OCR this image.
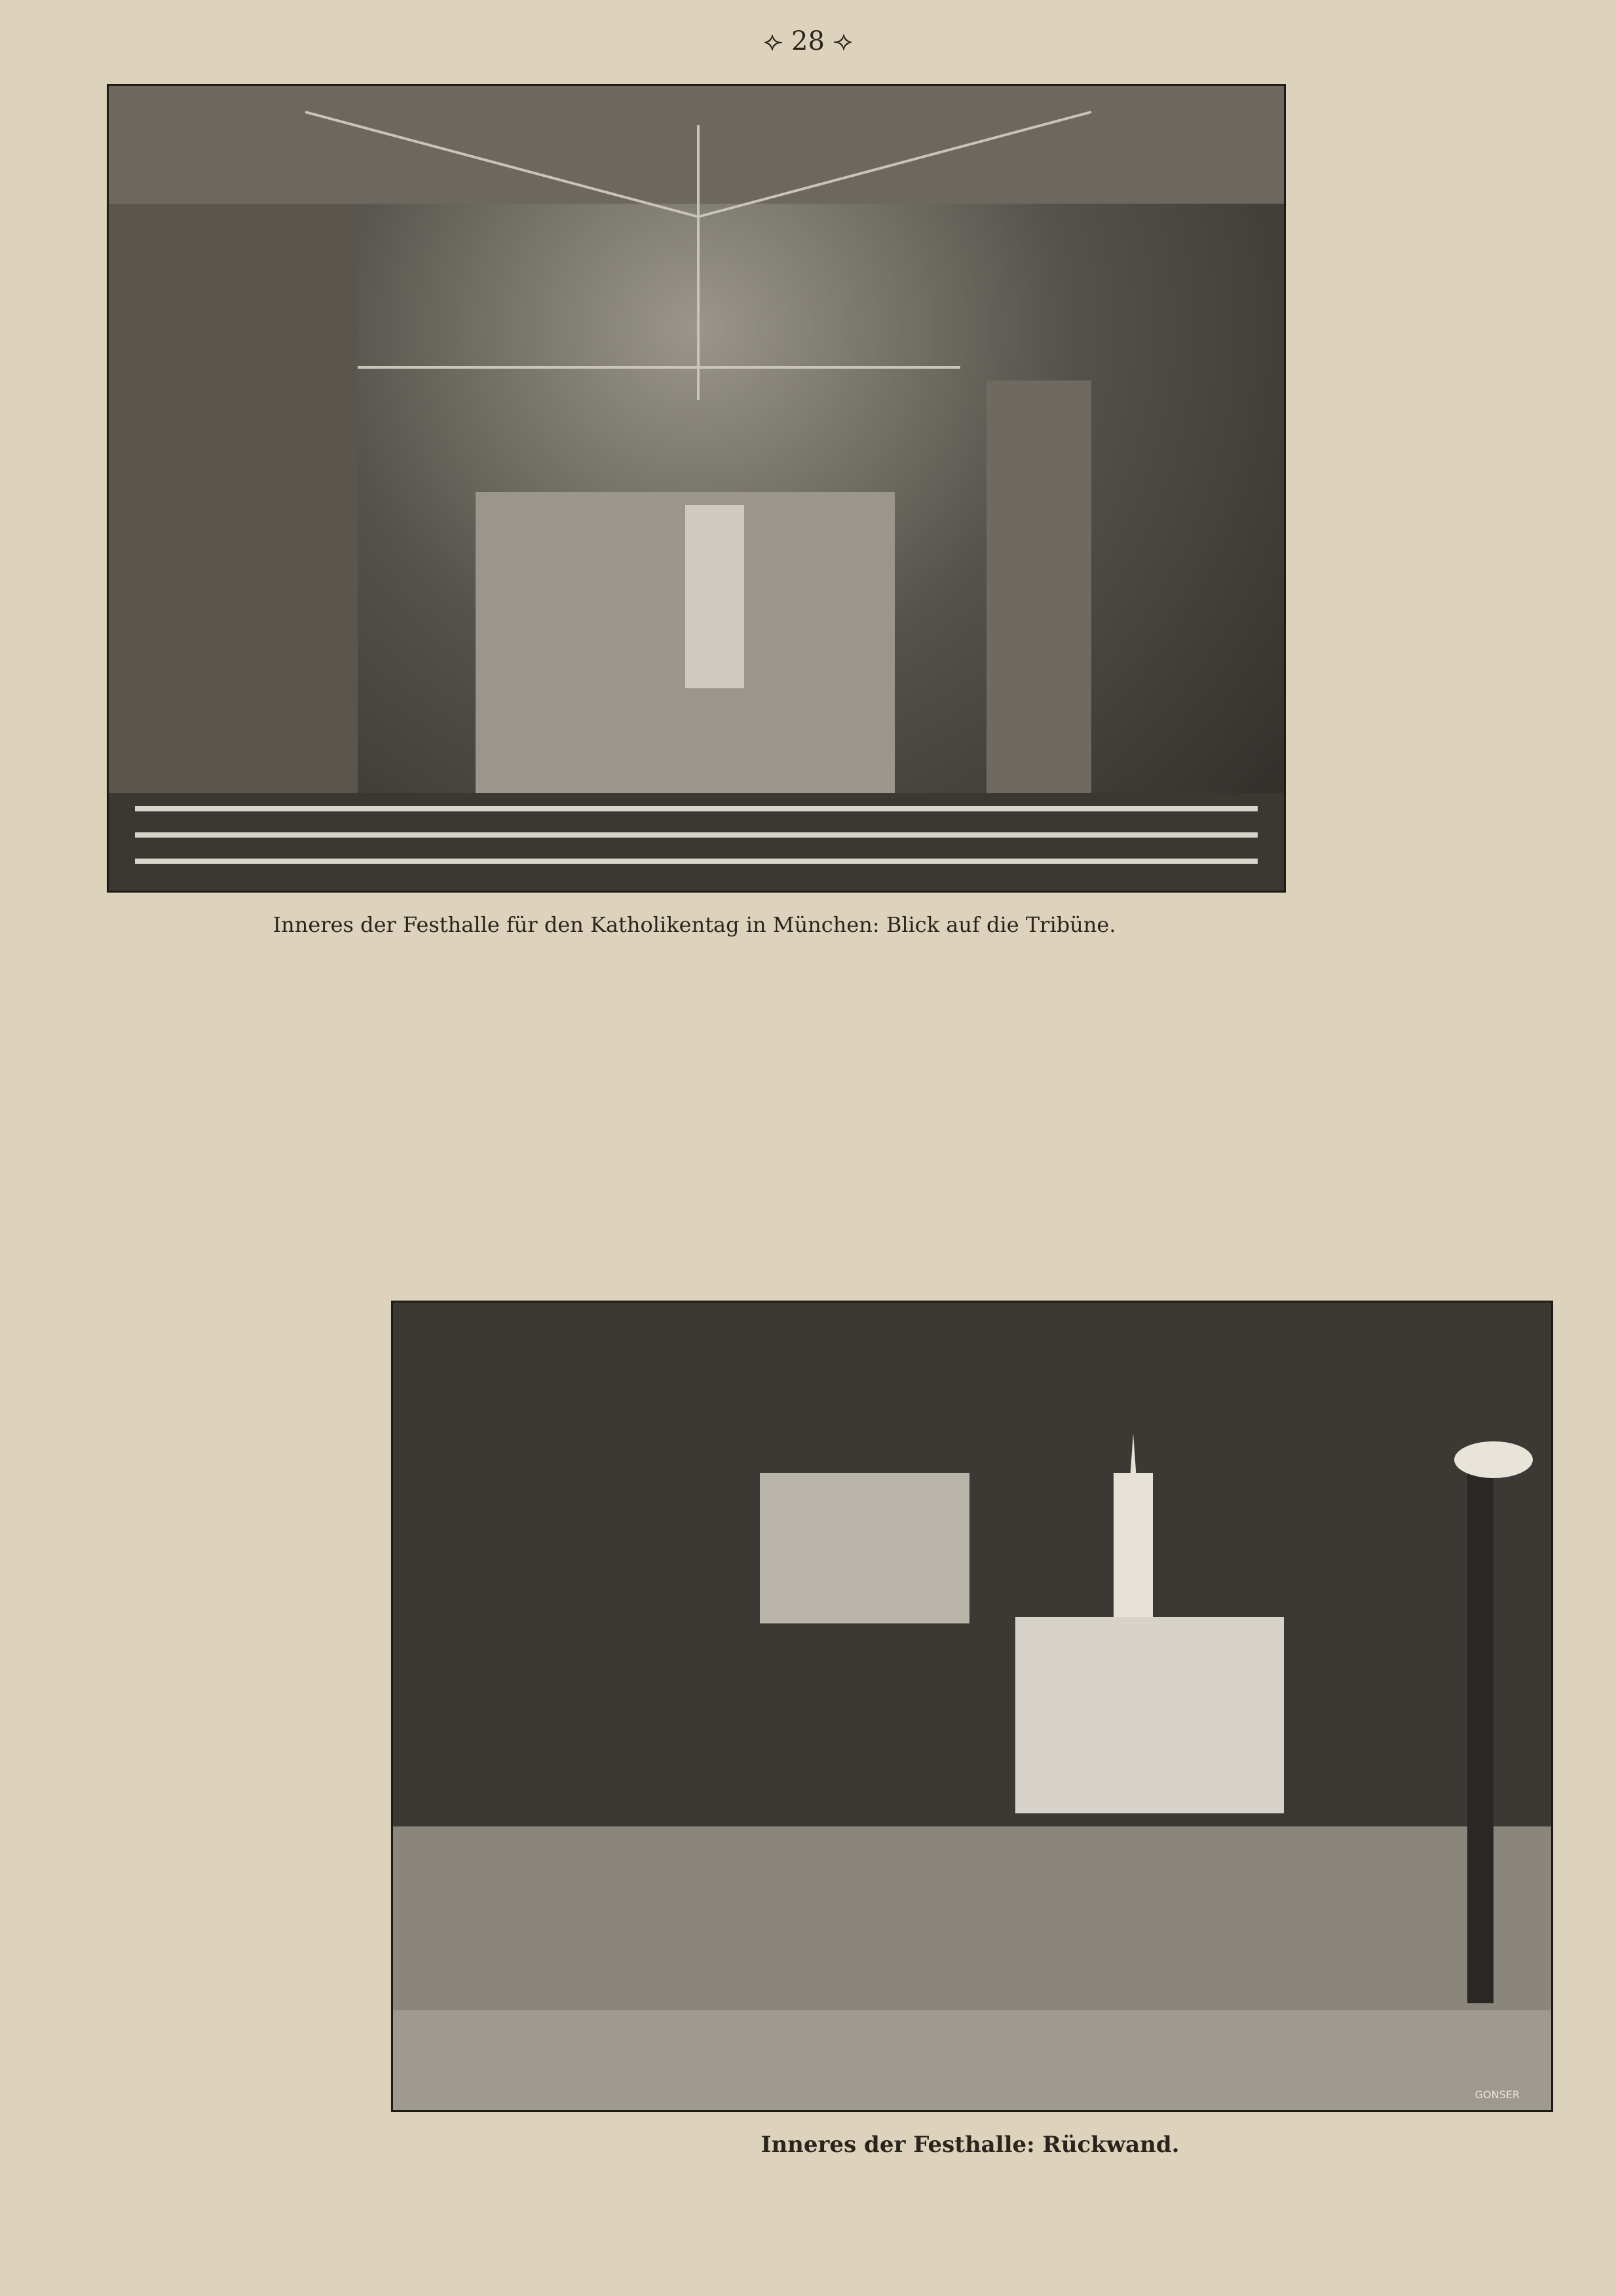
⟣ 28 ⟢
Inneres der Festhalle für den Katholikentag in München: Blick auf die Tribüne.
GONSER
Inneres der Festhalle: Rückwand.
